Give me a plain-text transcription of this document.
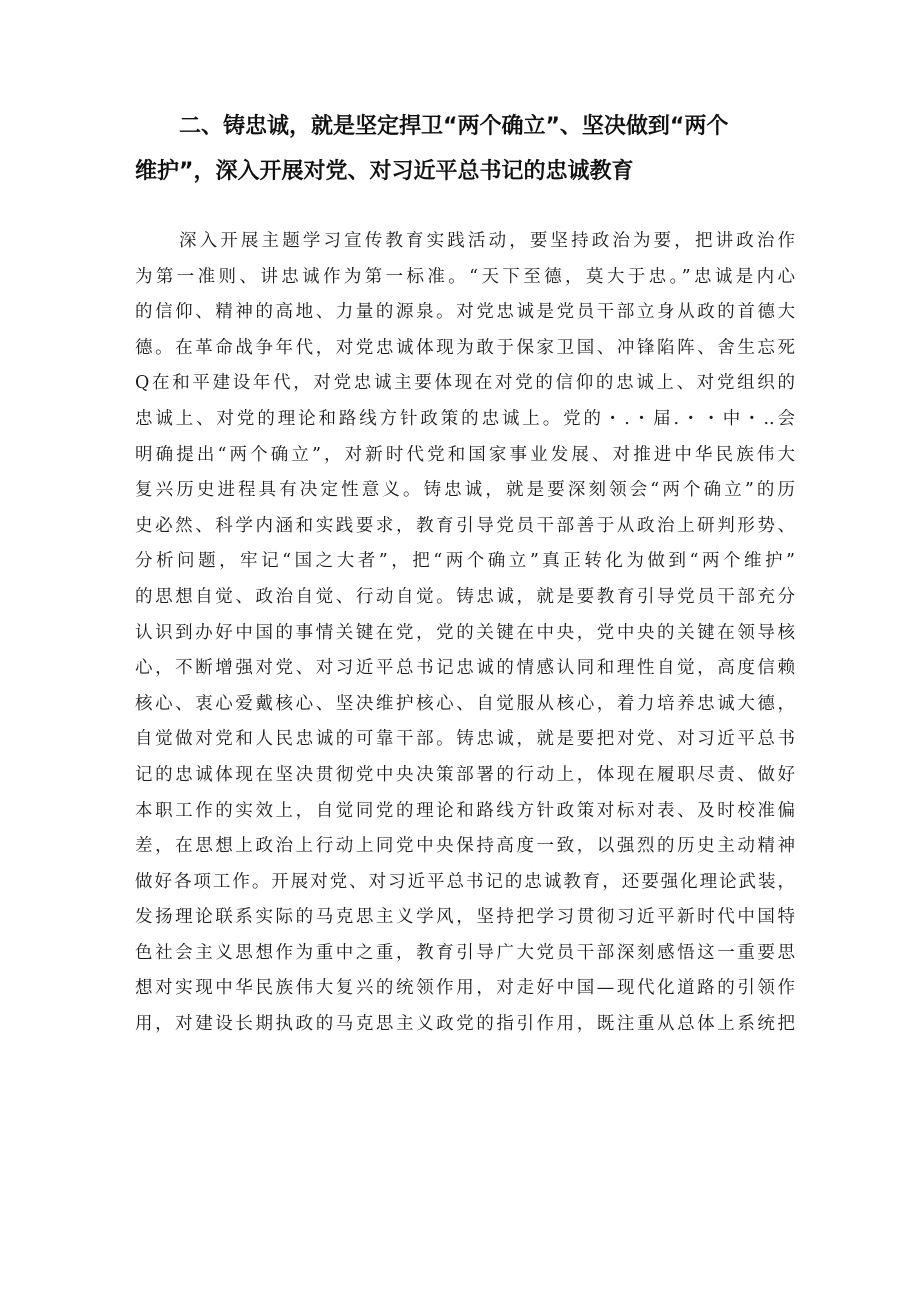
二、铸忠诚，就是坚定捍卫“两个确立”、坚决做到“两个
维护”，深入开展对党、对习近平总书记的忠诚教育
深入开展主题学习宣传教育实践活动，要坚持政治为要，把讲政治作
为第一准则、讲忠诚作为第一标准。“天下至德，莫大于忠。”忠诚是内心
的信仰、精神的高地、力量的源泉。对党忠诚是党员干部立身从政的首德大
德。在革命战争年代，对党忠诚体现为敢于保家卫国、冲锋陷阵、舍生忘死
Q在和平建设年代，对党忠诚主要体现在对党的信仰的忠诚上、对党组织的
忠诚上、对党的理论和路线方针政策的忠诚上。党的・.・届.・・中・..会
明确提出“两个确立”，对新时代党和国家事业发展、对推进中华民族伟大
复兴历史进程具有决定性意义。铸忠诚，就是要深刻领会“两个确立”的历
史必然、科学内涵和实践要求，教育引导党员干部善于从政治上研判形势、
分析问题，牢记“国之大者”，把“两个确立”真正转化为做到“两个维护”
的思想自觉、政治自觉、行动自觉。铸忠诚，就是要教育引导党员干部充分
认识到办好中国的事情关键在党，党的关键在中央，党中央的关键在领导核
心，不断增强对党、对习近平总书记忠诚的情感认同和理性自觉，高度信赖
核心、衷心爱戴核心、坚决维护核心、自觉服从核心，着力培养忠诚大德，
自觉做对党和人民忠诚的可靠干部。铸忠诚，就是要把对党、对习近平总书
记的忠诚体现在坚决贯彻党中央决策部署的行动上，体现在履职尽责、做好
本职工作的实效上，自觉同党的理论和路线方针政策对标对表、及时校准偏
差，在思想上政治上行动上同党中央保持高度一致，以强烈的历史主动精神
做好各项工作。开展对党、对习近平总书记的忠诚教育，还要强化理论武装，
发扬理论联系实际的马克思主义学风，坚持把学习贯彻习近平新时代中国特
色社会主义思想作为重中之重，教育引导广大党员干部深刻感悟这一重要思
想对实现中华民族伟大复兴的统领作用，对走好中国—现代化道路的引领作
用，对建设长期执政的马克思主义政党的指引作用，既注重从总体上系统把
